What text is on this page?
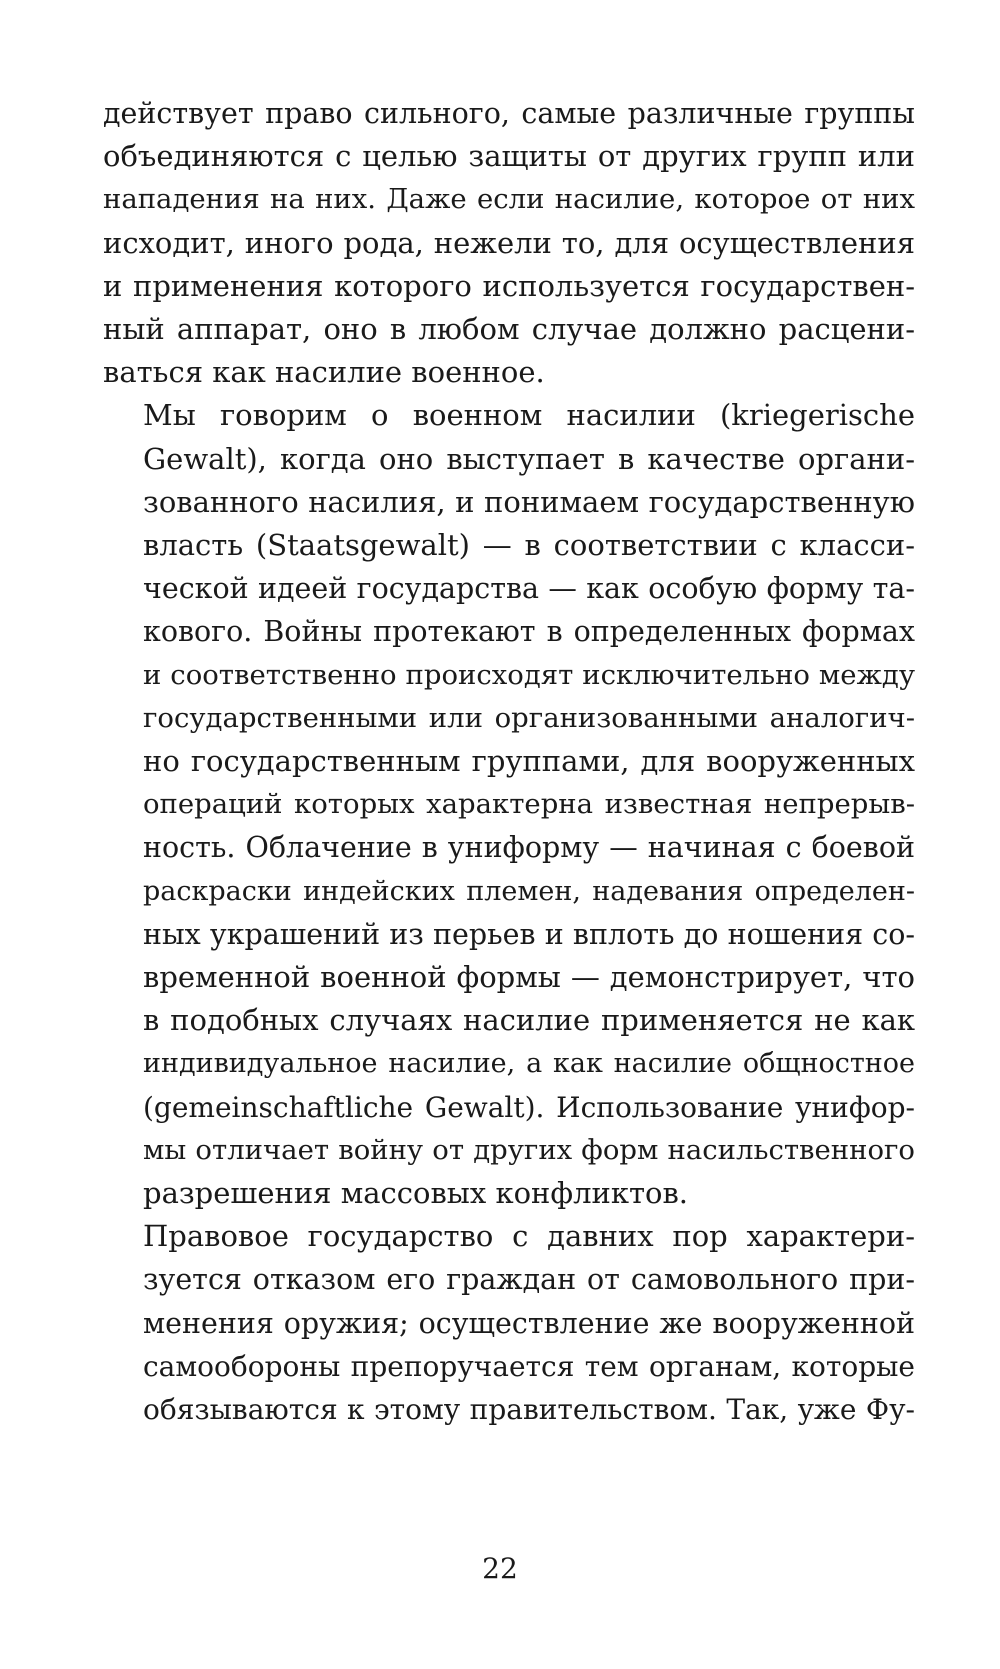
действует право сильного, самые различные группы
объединяются с целью защиты от других групп или
нападения на них. Даже если насилие, которое от них
исходит, иного рода, нежели то, для осуществления
и применения которого используется государствен-
ный аппарат, оно в любом случае должно расцени-
ваться как насилие военное.

Мы говорим о военном насилии (kriegerische
Gewalt), когда оно выступает в качестве органи-
зованного насилия, и понимаем государственную
власть (Staatsgewalt) — в соответствии с класси-
ческой идеей государства — как особую форму та-
кового. Войны протекают в определенных формах
и соответственно происходят исключительно между
государственными или организованными аналогич-
но государственным группами, для вооруженных
операций которых характерна известная непрерыв-
ность. Облачение в униформу — начиная с боевой
раскраски индейских племен, надевания определен-
ных украшений из перьев и вплоть до ношения со-
временной военной формы — демонстрирует, что
в подобных случаях насилие применяется не как
индивидуальное насилие, а как насилие общностное
(gemeinschaftliche Gewalt). Использование унифор-
мы отличает войну от других форм насильственного
разрешения массовых конфликтов.

Правовое государство с давних пор характери-
зуется отказом его граждан от самовольного при-
менения оружия; осуществление же вооруженной
самообороны препоручается тем органам, которые
обязываются к этому правительством. Так, уже Фу-

22
